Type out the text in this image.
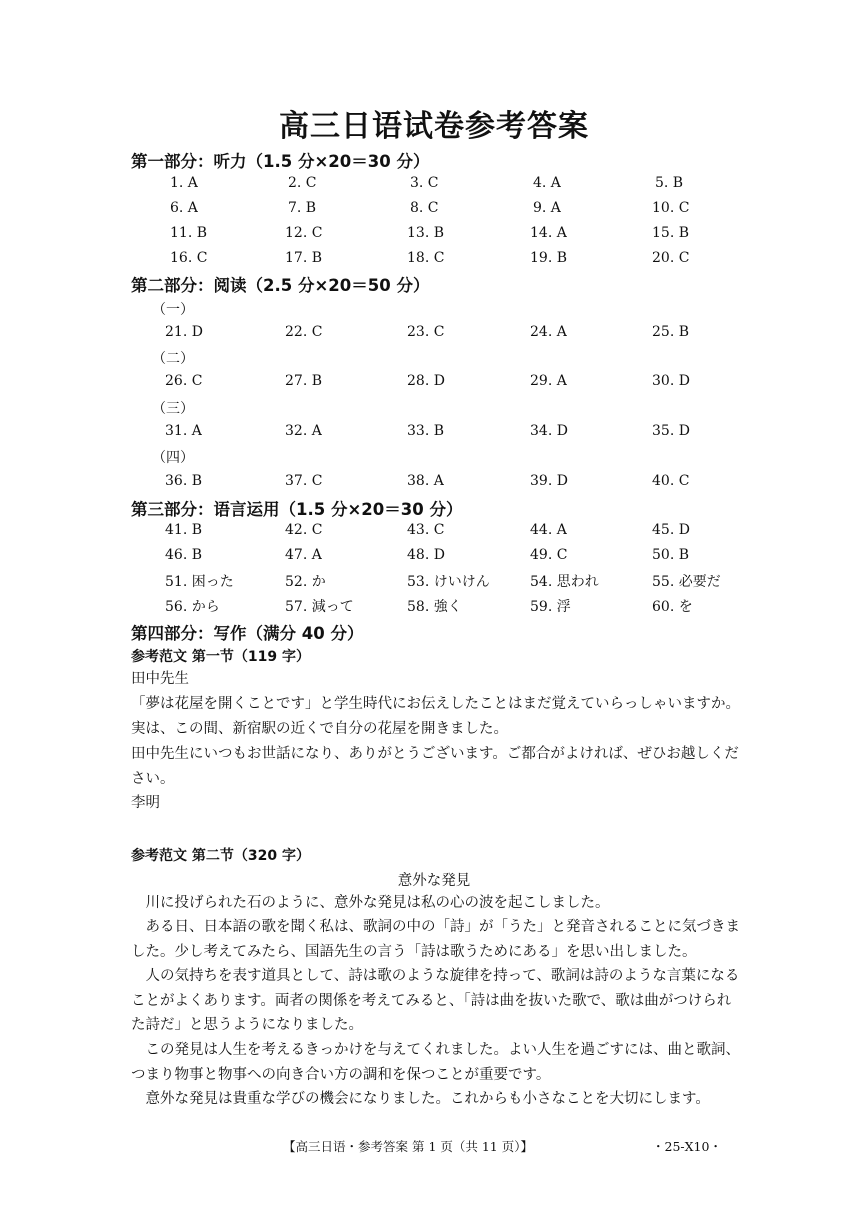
高三日语试卷参考答案
第一部分：听力（1.5 分×20＝30 分）
1. A	2. C	3. C	4. A	5. B
6. A	7. B	8. C	9. A	10. C
11. B	12. C	13. B	14. A	15. B
16. C	17. B	18. C	19. B	20. C
第二部分：阅读（2.5 分×20＝50 分）
（一）
21. D	22. C	23. C	24. A	25. B
（二）
26. C	27. B	28. D	29. A	30. D
（三）
31. A	32. A	33. B	34. D	35. D
（四）
36. B	37. C	38. A	39. D	40. C
第三部分：语言运用（1.5 分×20＝30 分）
41. B	42. C	43. C	44. A	45. D
46. B	47. A	48. D	49. C	50. B
51. 困った	52. か	53. けいけん	54. 思われ	55. 必要だ
56. から	57. 減って	58. 強く	59. 浮	60. を
第四部分：写作（满分 40 分）
参考范文 第一节（119 字）
田中先生
「夢は花屋を開くことです」と学生時代にお伝えしたことはまだ覚えていらっしゃいますか。実は、この間、新宿駅の近くで自分の花屋を開きました。
田中先生にいつもお世話になり、ありがとうございます。ご都合がよければ、ぜひお越しください。
李明
参考范文 第二节（320 字）
意外な発見
川に投げられた石のように、意外な発見は私の心の波を起こしました。
ある日、日本語の歌を聞く私は、歌詞の中の「詩」が「うた」と発音されることに気づきました。少し考えてみたら、国語先生の言う「詩は歌うためにある」を思い出しました。
人の気持ちを表す道具として、詩は歌のような旋律を持って、歌詞は詩のような言葉になることがよくあります。両者の関係を考えてみると、「詩は曲を抜いた歌で、歌は曲がつけられた詩だ」と思うようになりました。
この発見は人生を考えるきっかけを与えてくれました。よい人生を過ごすには、曲と歌詞、つまり物事と物事への向き合い方の調和を保つことが重要です。
意外な発見は貴重な学びの機会になりました。これからも小さなことを大切にします。
【高三日语・参考答案 第 1 页（共 11 页）】	・25-X10・
